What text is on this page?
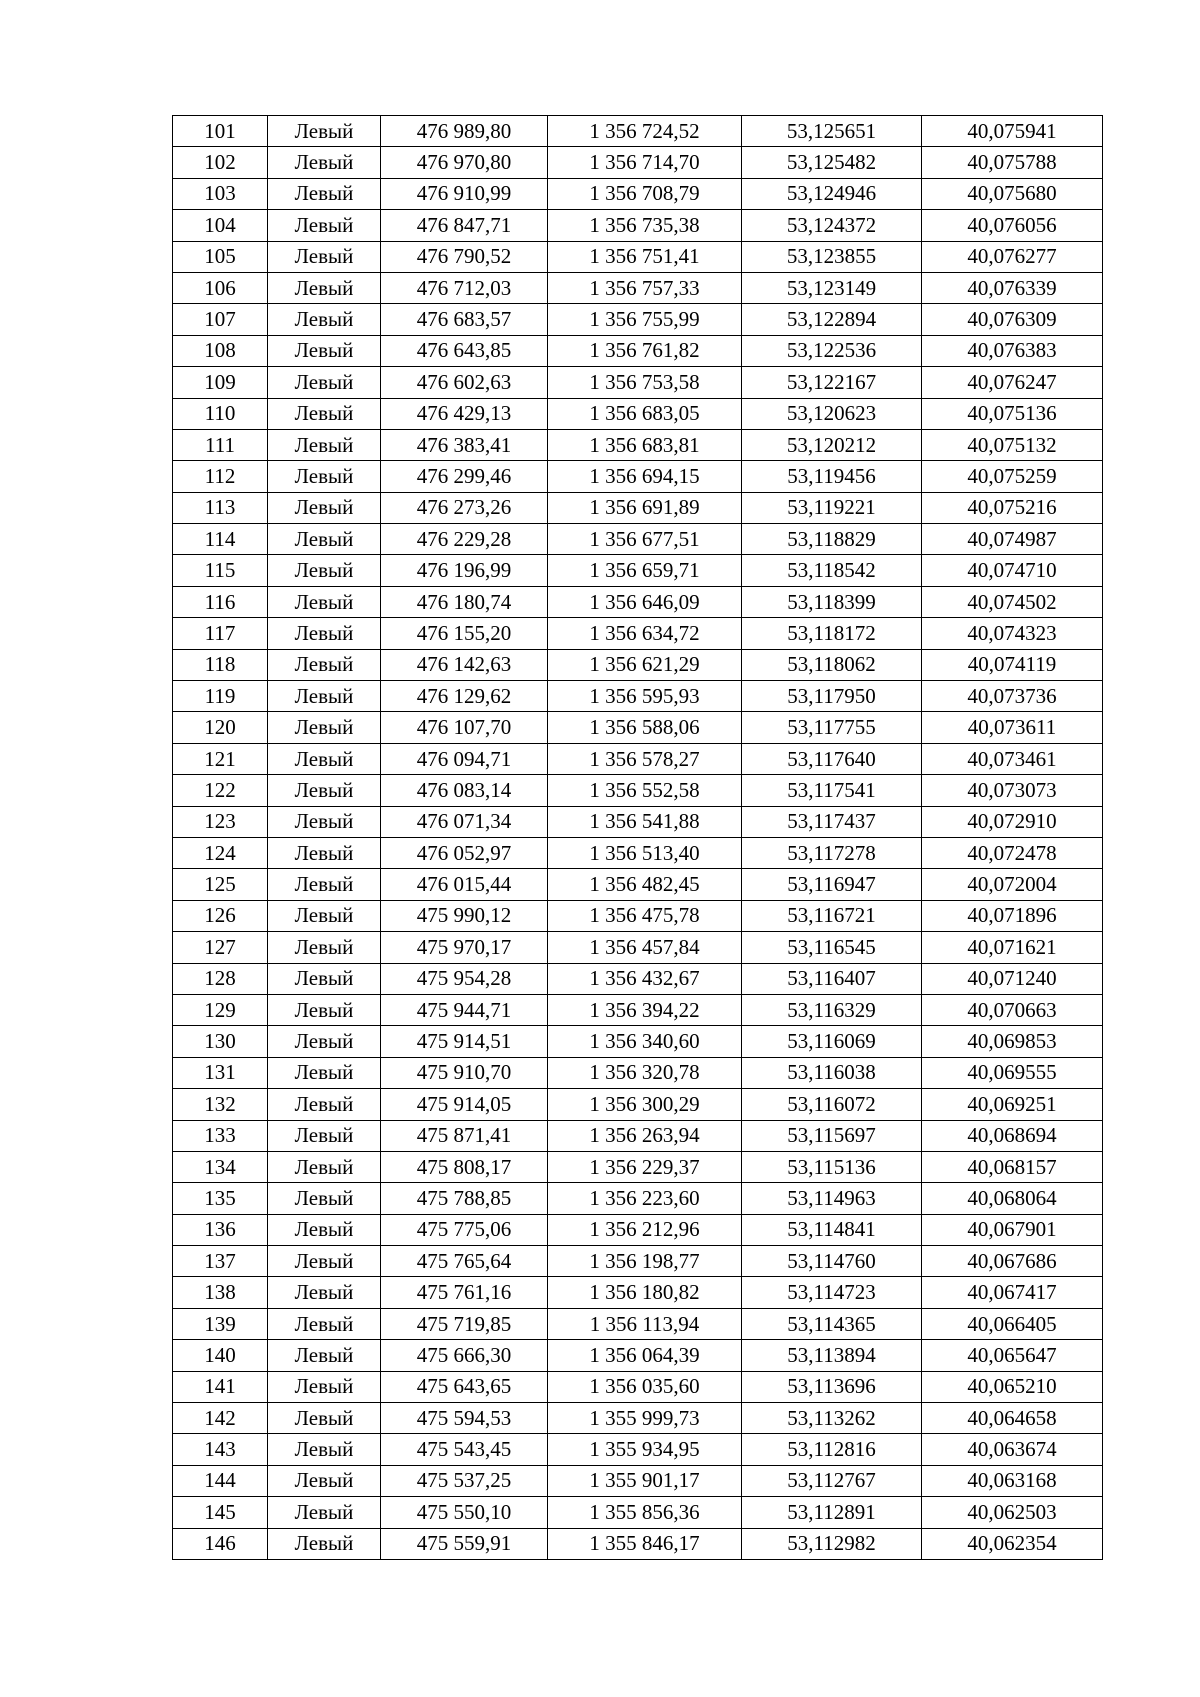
101	Левый	476 989,80	1 356 724,52	53,125651	40,075941
102	Левый	476 970,80	1 356 714,70	53,125482	40,075788
103	Левый	476 910,99	1 356 708,79	53,124946	40,075680
104	Левый	476 847,71	1 356 735,38	53,124372	40,076056
105	Левый	476 790,52	1 356 751,41	53,123855	40,076277
106	Левый	476 712,03	1 356 757,33	53,123149	40,076339
107	Левый	476 683,57	1 356 755,99	53,122894	40,076309
108	Левый	476 643,85	1 356 761,82	53,122536	40,076383
109	Левый	476 602,63	1 356 753,58	53,122167	40,076247
110	Левый	476 429,13	1 356 683,05	53,120623	40,075136
111	Левый	476 383,41	1 356 683,81	53,120212	40,075132
112	Левый	476 299,46	1 356 694,15	53,119456	40,075259
113	Левый	476 273,26	1 356 691,89	53,119221	40,075216
114	Левый	476 229,28	1 356 677,51	53,118829	40,074987
115	Левый	476 196,99	1 356 659,71	53,118542	40,074710
116	Левый	476 180,74	1 356 646,09	53,118399	40,074502
117	Левый	476 155,20	1 356 634,72	53,118172	40,074323
118	Левый	476 142,63	1 356 621,29	53,118062	40,074119
119	Левый	476 129,62	1 356 595,93	53,117950	40,073736
120	Левый	476 107,70	1 356 588,06	53,117755	40,073611
121	Левый	476 094,71	1 356 578,27	53,117640	40,073461
122	Левый	476 083,14	1 356 552,58	53,117541	40,073073
123	Левый	476 071,34	1 356 541,88	53,117437	40,072910
124	Левый	476 052,97	1 356 513,40	53,117278	40,072478
125	Левый	476 015,44	1 356 482,45	53,116947	40,072004
126	Левый	475 990,12	1 356 475,78	53,116721	40,071896
127	Левый	475 970,17	1 356 457,84	53,116545	40,071621
128	Левый	475 954,28	1 356 432,67	53,116407	40,071240
129	Левый	475 944,71	1 356 394,22	53,116329	40,070663
130	Левый	475 914,51	1 356 340,60	53,116069	40,069853
131	Левый	475 910,70	1 356 320,78	53,116038	40,069555
132	Левый	475 914,05	1 356 300,29	53,116072	40,069251
133	Левый	475 871,41	1 356 263,94	53,115697	40,068694
134	Левый	475 808,17	1 356 229,37	53,115136	40,068157
135	Левый	475 788,85	1 356 223,60	53,114963	40,068064
136	Левый	475 775,06	1 356 212,96	53,114841	40,067901
137	Левый	475 765,64	1 356 198,77	53,114760	40,067686
138	Левый	475 761,16	1 356 180,82	53,114723	40,067417
139	Левый	475 719,85	1 356 113,94	53,114365	40,066405
140	Левый	475 666,30	1 356 064,39	53,113894	40,065647
141	Левый	475 643,65	1 356 035,60	53,113696	40,065210
142	Левый	475 594,53	1 355 999,73	53,113262	40,064658
143	Левый	475 543,45	1 355 934,95	53,112816	40,063674
144	Левый	475 537,25	1 355 901,17	53,112767	40,063168
145	Левый	475 550,10	1 355 856,36	53,112891	40,062503
146	Левый	475 559,91	1 355 846,17	53,112982	40,062354
